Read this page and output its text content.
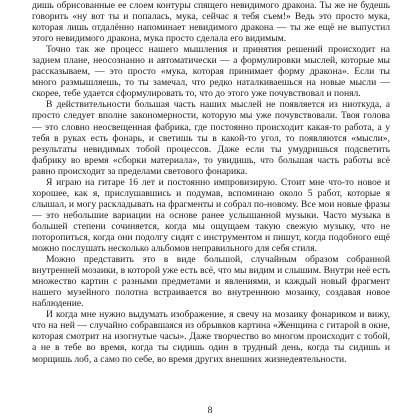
дишь обрисованные ее слоем контуры спящего невидимого дракона. Ты же не будешь говорить «ну вот ты и попалась, мука, сейчас я тебя съем!» Ведь это просто мука, которая лишь отдалённо напоминает невидимого дракона — ты же ещё не выпустил этого невидимого дракона, мука просто сделала его видимым.

Точно так же процесс нашего мышления и принятия решений происходит на заднем плане, неосознанно и автоматически — а формулировки мыслей, которые мы рассказываем, — это просто «мука, которая принимает форму дракона». Если ты много размышляешь, то ты замечал, что редко наталкиваешься на новые мысли — скорее, тебе удается сформулировать то, что до этого уже почувствовал и понял.

В действительности большая часть наших мыслей не появляется из ниоткуда, а просто следует вполне закономерности, которую мы уже почувствовали. Твоя голова — это словно неосвещенная фабрика, где постоянно происходит какая-то работа, а у тебя в руках есть фонарь, и светишь ты в какой-то угол, то появляются «мысли», результаты невидимых тобой процессов. Даже если ты умудришься подсветить фабрику во время «сборки материала», то увидишь, что большая часть работы всё равно происходит за пределами светового фонарика.

Я играю на гитаре 16 лет и постоянно импровизирую. Стоит мне что-то новое и хорошее, как я, прислушавшись и подумав, вспоминаю около 5 работ, которые я слышал, и могу раскладывать на фрагменты и собрал по-новому. Все мои новые фразы — это небольшие вариации на основе ранее услышанной музыки. Часто музыка в большей степени сочиняется, когда мы ощущаем такую свежую музыку, что не поторопиться, когда они подолгу сидят с инструментом и пишут, когда подобного ещё можно послушать несколько альбомов неправильного для себя стиля.

Можно представить это в виде большой, случайным образом собранной внутренней мозаики, в которой уже есть всё, что мы видим и слышим. Внутри неё есть множество картин с разными предметами и явлениями, и каждый новый фрагмент нашего музейного полотна встраивается во внутреннюю мозаику, создавая новое наблюдение.

И когда мне нужно выдумать изображение, я свечу на мозаику фонариком и вижу, что на ней — случайно собравшаяся из обрывков картина «Женщина с гитарой в окне, которая смотрит на изогнутые часы». Даже творчество во многом происходит с тобой, а не в тебе во время, когда ты сидишь один в трудный день, когда ты сидишь и морщишь лоб, а само по себе, во время других внешних жизнедеятельности.

8
